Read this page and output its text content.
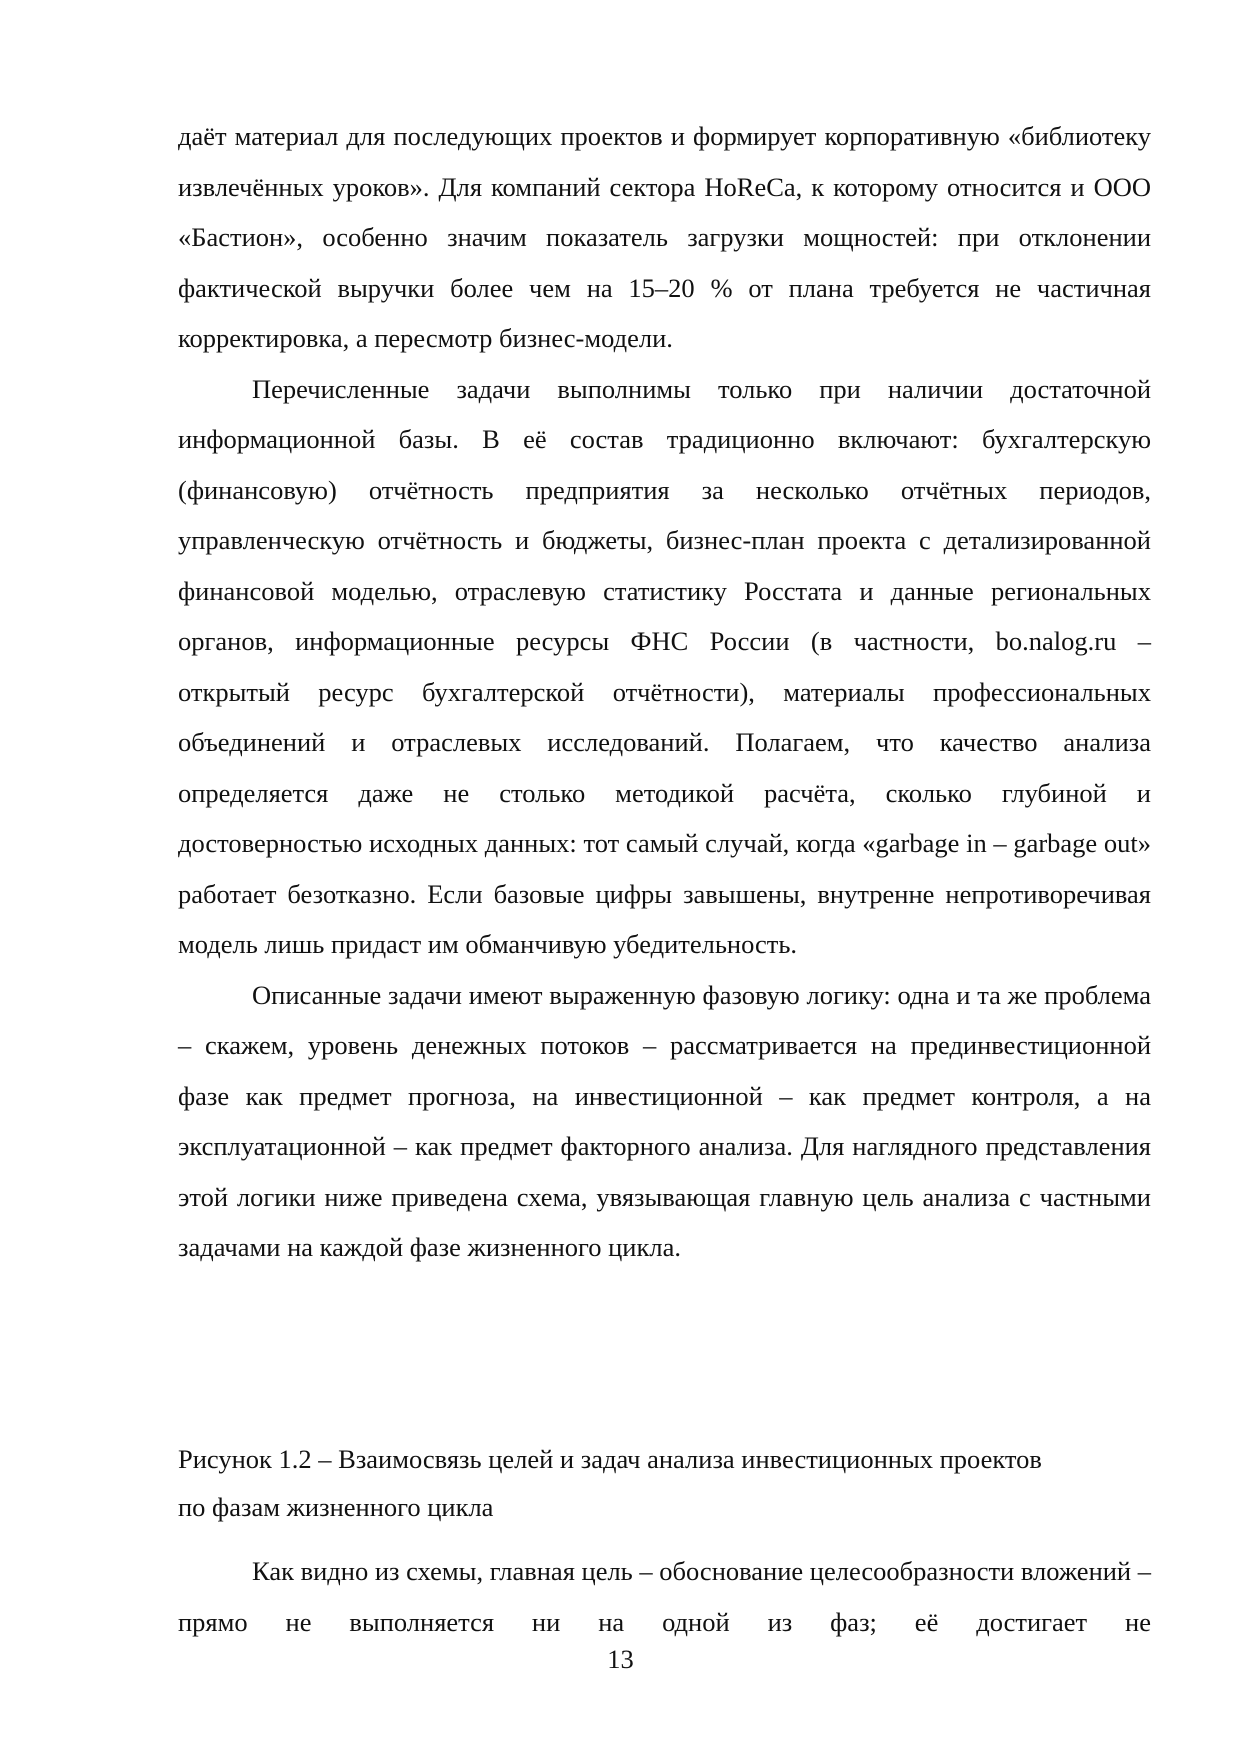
даёт материал для последующих проектов и формирует корпоративную «библиотеку извлечённых уроков». Для компаний сектора HoReCa, к которому относится и ООО «Бастион», особенно значим показатель загрузки мощностей: при отклонении фактической выручки более чем на 15–20 % от плана требуется не частичная корректировка, а пересмотр бизнес-модели.

Перечисленные задачи выполнимы только при наличии достаточной информационной базы. В её состав традиционно включают: бухгалтерскую (финансовую) отчётность предприятия за несколько отчётных периодов, управленческую отчётность и бюджеты, бизнес-план проекта с детализированной финансовой моделью, отраслевую статистику Росстата и данные региональных органов, информационные ресурсы ФНС России (в частности, bo.nalog.ru – открытый ресурс бухгалтерской отчётности), материалы профессиональных объединений и отраслевых исследований. Полагаем, что качество анализа определяется даже не столько методикой расчёта, сколько глубиной и достоверностью исходных данных: тот самый случай, когда «garbage in – garbage out» работает безотказно. Если базовые цифры завышены, внутренне непротиворечивая модель лишь придаст им обманчивую убедительность.

Описанные задачи имеют выраженную фазовую логику: одна и та же проблема – скажем, уровень денежных потоков – рассматривается на прединвестиционной фазе как предмет прогноза, на инвестиционной – как предмет контроля, а на эксплуатационной – как предмет факторного анализа. Для наглядного представления этой логики ниже приведена схема, увязывающая главную цель анализа с частными задачами на каждой фазе жизненного цикла.

Рисунок 1.2 – Взаимосвязь целей и задач анализа инвестиционных проектов
по фазам жизненного цикла

Как видно из схемы, главная цель – обоснование целесообразности вложений – прямо не выполняется ни на одной из фаз; её достигает не

13
